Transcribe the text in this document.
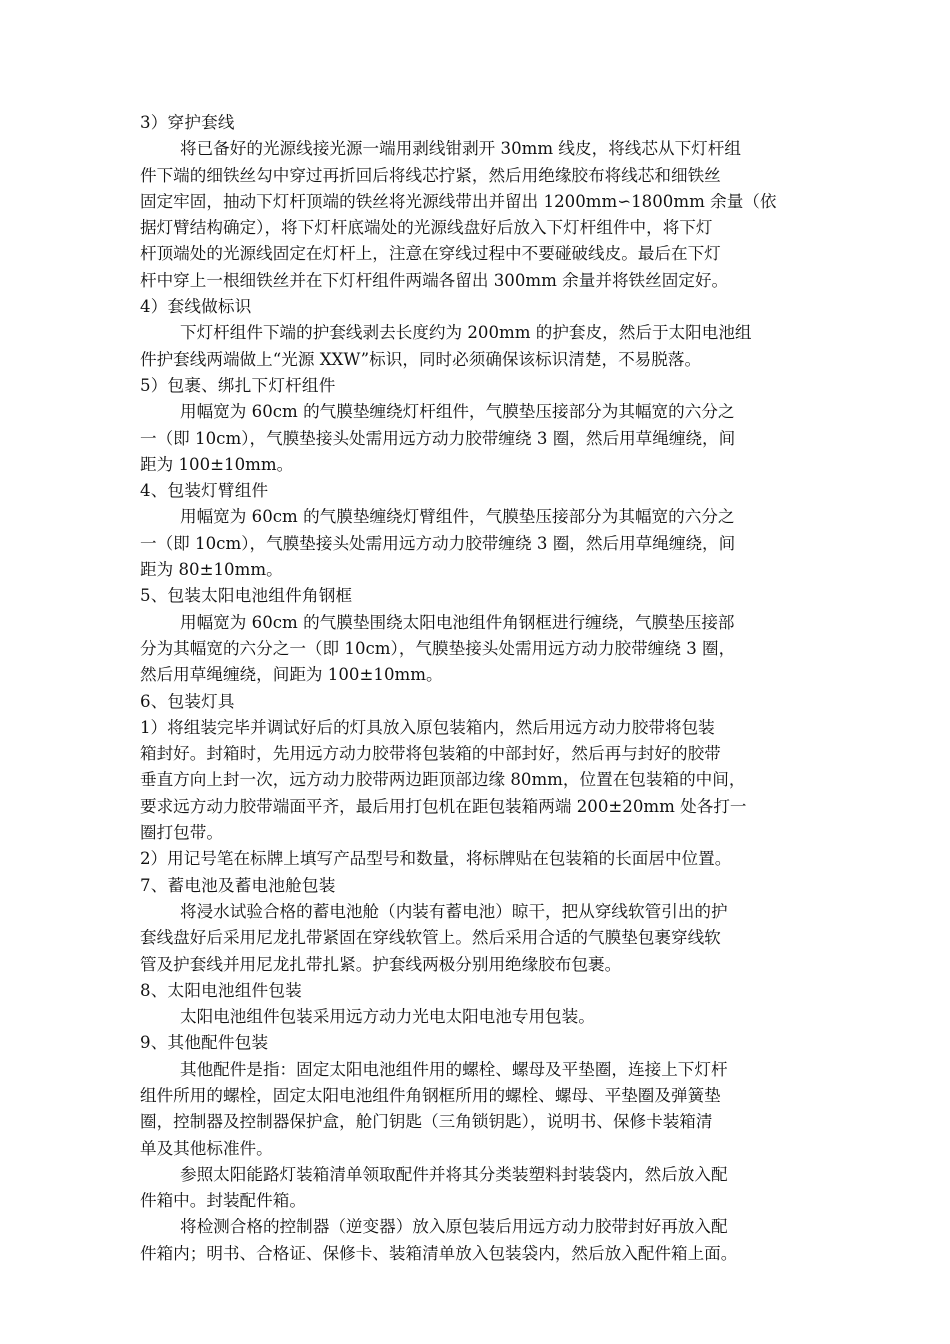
3）穿护套线
将已备好的光源线接光源一端用剥线钳剥开 30mm 线皮，将线芯从下灯杆组
件下端的细铁丝勾中穿过再折回后将线芯拧紧，然后用绝缘胶布将线芯和细铁丝
固定牢固，抽动下灯杆顶端的铁丝将光源线带出并留出 1200mm∽1800mm 余量（依
据灯臂结构确定），将下灯杆底端处的光源线盘好后放入下灯杆组件中，将下灯
杆顶端处的光源线固定在灯杆上，注意在穿线过程中不要碰破线皮。最后在下灯
杆中穿上一根细铁丝并在下灯杆组件两端各留出 300mm 余量并将铁丝固定好。
4）套线做标识
下灯杆组件下端的护套线剥去长度约为 200mm 的护套皮，然后于太阳电池组
件护套线两端做上“光源 XXW”标识，同时必须确保该标识清楚，不易脱落。
5）包裹、绑扎下灯杆组件
用幅宽为 60cm 的气膜垫缠绕灯杆组件，气膜垫压接部分为其幅宽的六分之
一（即 10cm），气膜垫接头处需用远方动力胶带缠绕 3 圈，然后用草绳缠绕，间
距为 100±10mm。
4、包装灯臂组件
用幅宽为 60cm 的气膜垫缠绕灯臂组件，气膜垫压接部分为其幅宽的六分之
一（即 10cm），气膜垫接头处需用远方动力胶带缠绕 3 圈，然后用草绳缠绕，间
距为 80±10mm。
5、包装太阳电池组件角钢框
用幅宽为 60cm 的气膜垫围绕太阳电池组件角钢框进行缠绕，气膜垫压接部
分为其幅宽的六分之一（即 10cm），气膜垫接头处需用远方动力胶带缠绕 3 圈，
然后用草绳缠绕，间距为 100±10mm。
6、包装灯具
1）将组装完毕并调试好后的灯具放入原包装箱内，然后用远方动力胶带将包装
箱封好。封箱时，先用远方动力胶带将包装箱的中部封好，然后再与封好的胶带
垂直方向上封一次，远方动力胶带两边距顶部边缘 80mm，位置在包装箱的中间，
要求远方动力胶带端面平齐，最后用打包机在距包装箱两端 200±20mm 处各打一
圈打包带。
2）用记号笔在标牌上填写产品型号和数量，将标牌贴在包装箱的长面居中位置。
7、蓄电池及蓄电池舱包装
将浸水试验合格的蓄电池舱（内装有蓄电池）晾干，把从穿线软管引出的护
套线盘好后采用尼龙扎带紧固在穿线软管上。然后采用合适的气膜垫包裹穿线软
管及护套线并用尼龙扎带扎紧。护套线两极分别用绝缘胶布包裹。
8、太阳电池组件包装
太阳电池组件包装采用远方动力光电太阳电池专用包装。
9、其他配件包装
其他配件是指：固定太阳电池组件用的螺栓、螺母及平垫圈，连接上下灯杆
组件所用的螺栓，固定太阳电池组件角钢框所用的螺栓、螺母、平垫圈及弹簧垫
圈，控制器及控制器保护盒，舱门钥匙（三角锁钥匙），说明书、保修卡装箱清
单及其他标准件。
参照太阳能路灯装箱清单领取配件并将其分类装塑料封装袋内，然后放入配
件箱中。封装配件箱。
将检测合格的控制器（逆变器）放入原包装后用远方动力胶带封好再放入配
件箱内；明书、合格证、保修卡、装箱清单放入包装袋内，然后放入配件箱上面。
